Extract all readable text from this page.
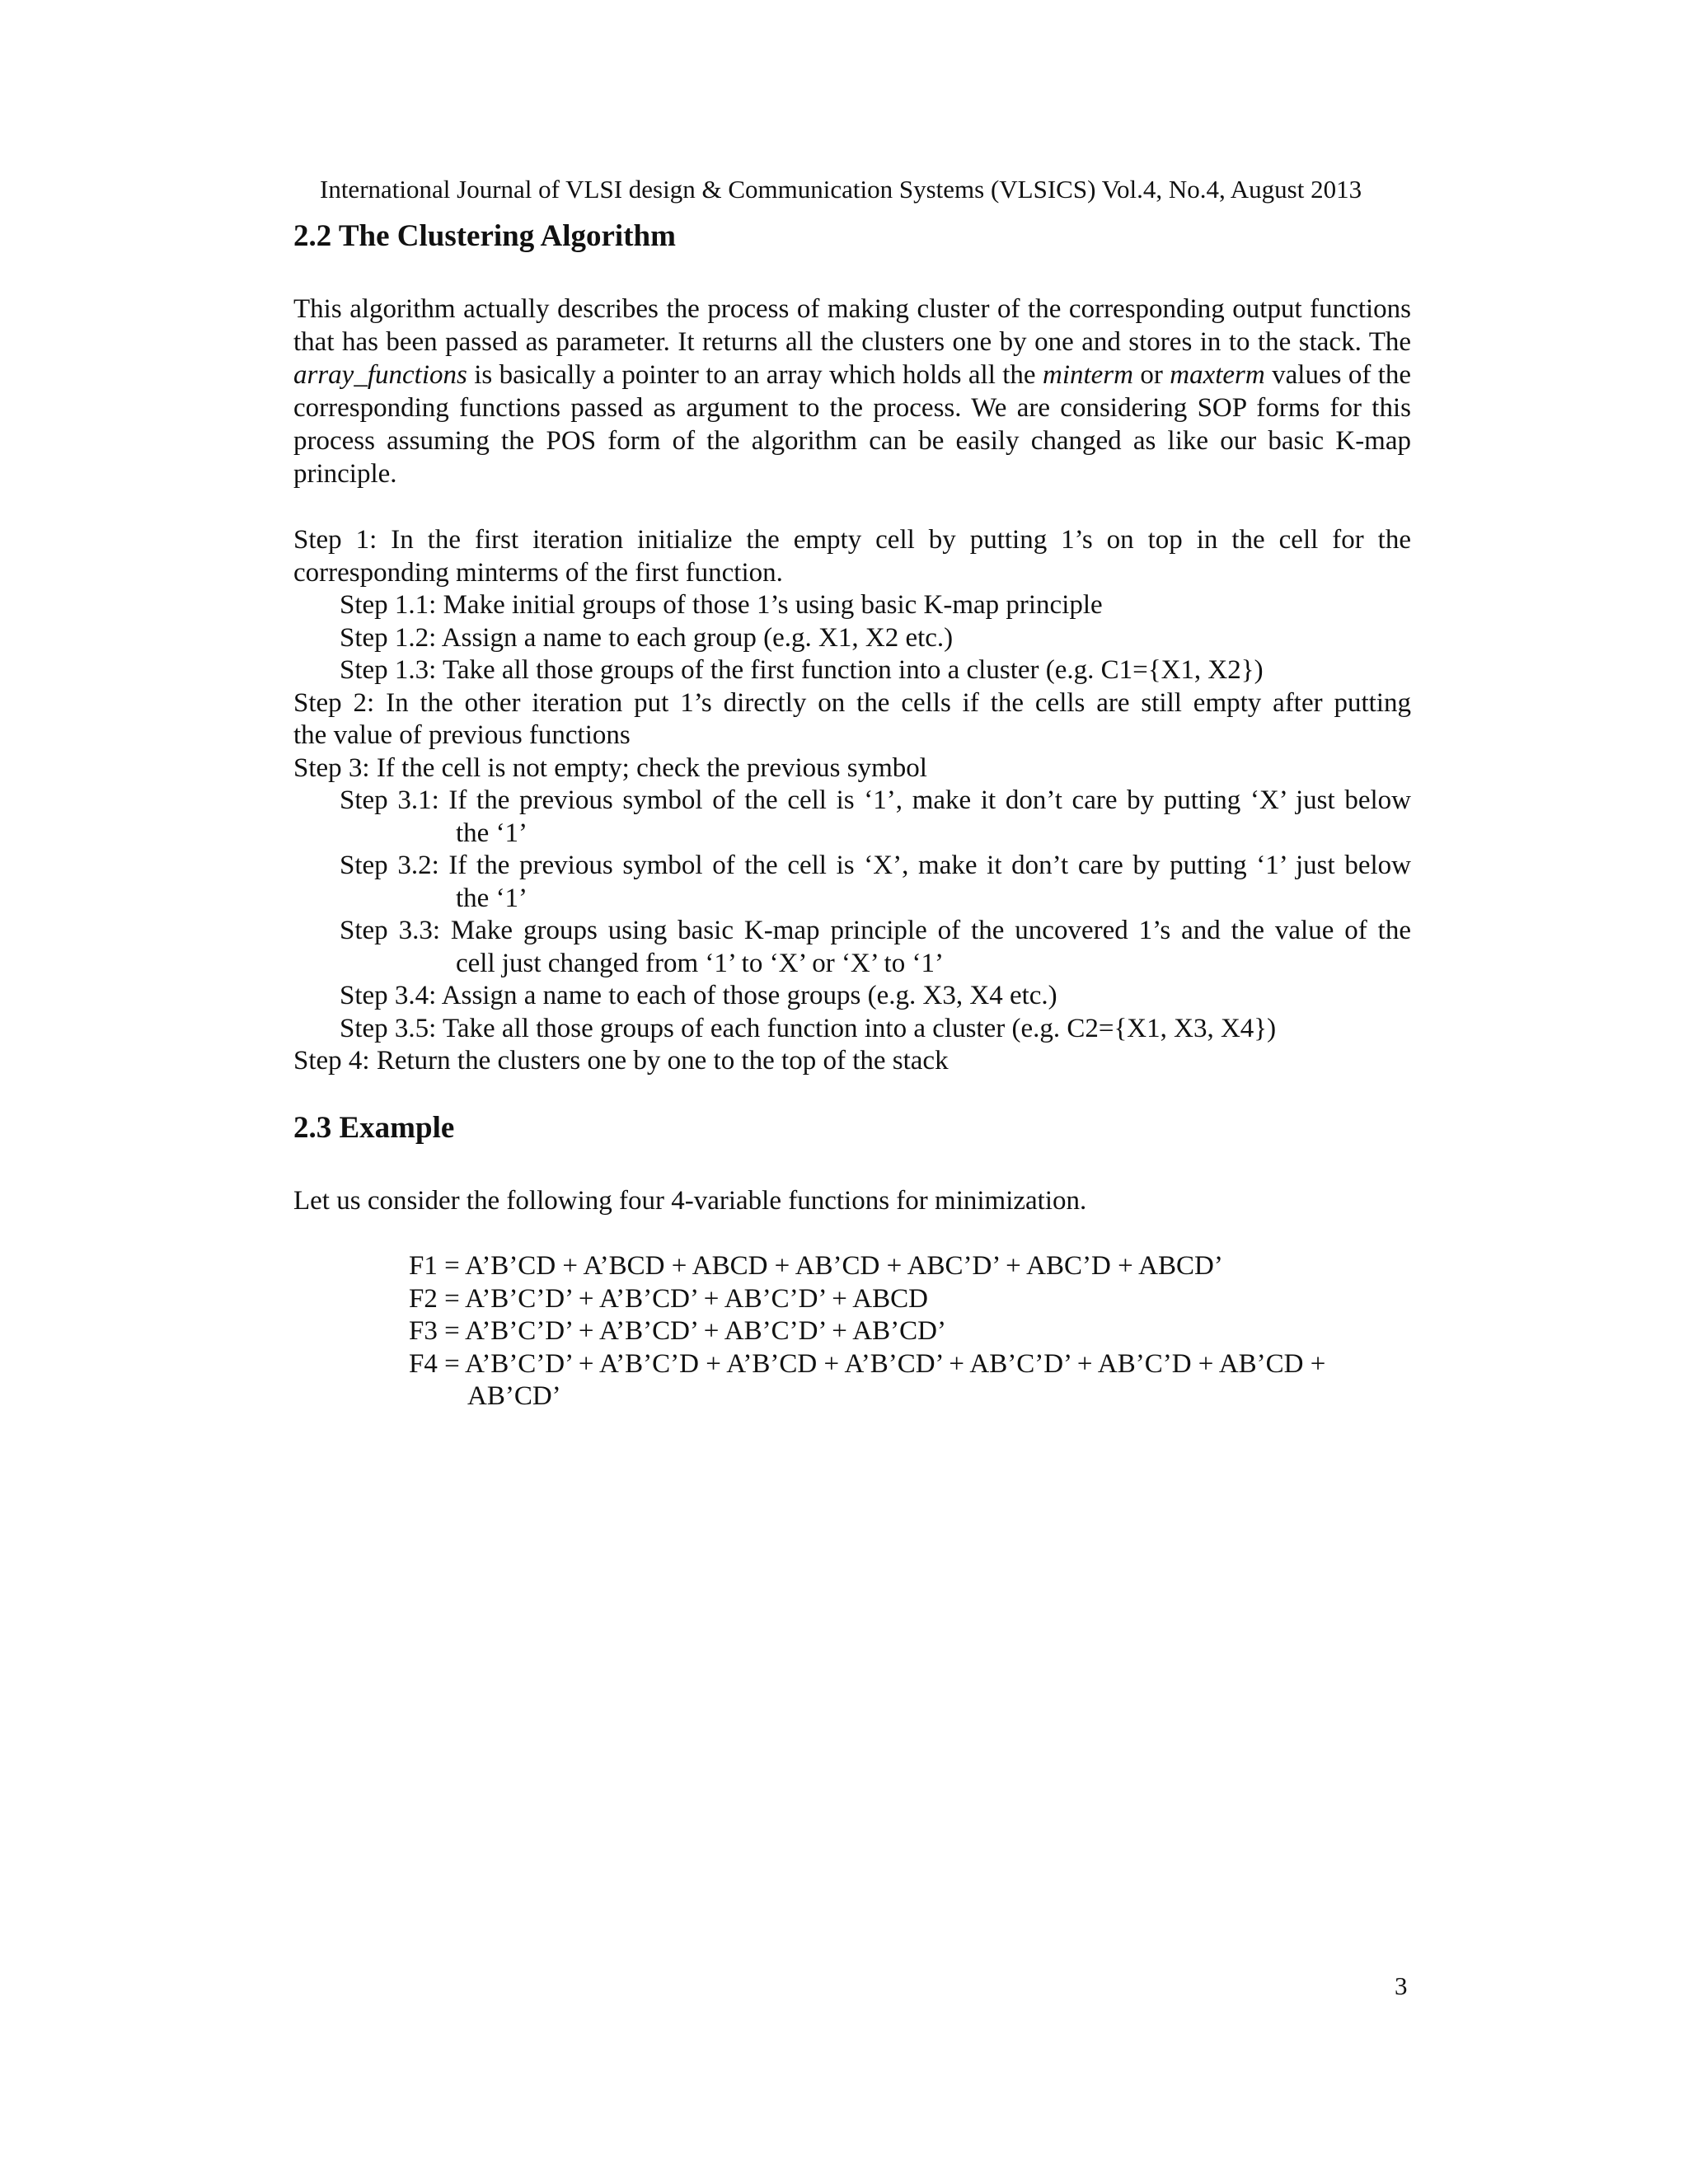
International Journal of VLSI design & Communication Systems (VLSICS) Vol.4, No.4, August 2013
2.2 The Clustering Algorithm
This algorithm actually describes the process of making cluster of the corresponding output functions that has been passed as parameter. It returns all the clusters one by one and stores in to the stack. The array_functions is basically a pointer to an array which holds all the minterm or maxterm values of the corresponding functions passed as argument to the process. We are considering SOP forms for this process assuming the POS form of the algorithm can be easily changed as like our basic K-map principle.
Step 1: In the first iteration initialize the empty cell by putting 1’s on top in the cell for the
corresponding minterms of the first function.
Step 1.1: Make initial groups of those 1’s using basic K-map principle
Step 1.2: Assign a name to each group (e.g. X1, X2 etc.)
Step 1.3: Take all those groups of the first function into a cluster (e.g. C1={X1, X2})
Step 2: In the other iteration put 1’s directly on the cells if the cells are still empty after putting
the value of previous functions
Step 3: If the cell is not empty; check the previous symbol
Step 3.1: If the previous symbol of the cell is ‘1’, make it don’t care by putting ‘X’ just below
the ‘1’
Step 3.2: If the previous symbol of the cell is ‘X’, make it don’t care by putting ‘1’ just below
the ‘1’
Step 3.3: Make groups using basic K-map principle of the uncovered 1’s and the value of the
cell just changed from ‘1’ to ‘X’ or ‘X’ to ‘1’
Step 3.4: Assign a name to each of those groups (e.g. X3, X4 etc.)
Step 3.5: Take all those groups of each function into a cluster (e.g. C2={X1, X3, X4})
Step 4: Return the clusters one by one to the top of the stack
2.3 Example
Let us consider the following four 4-variable functions for minimization.
F1 = A’B’CD + A’BCD + ABCD + AB’CD + ABC’D’ + ABC’D + ABCD’
F2 = A’B’C’D’ + A’B’CD’ + AB’C’D’ + ABCD
F3 = A’B’C’D’ + A’B’CD’ + AB’C’D’ + AB’CD’
F4 = A’B’C’D’ + A’B’C’D + A’B’CD + A’B’CD’ + AB’C’D’ + AB’C’D + AB’CD +
AB’CD’
3
